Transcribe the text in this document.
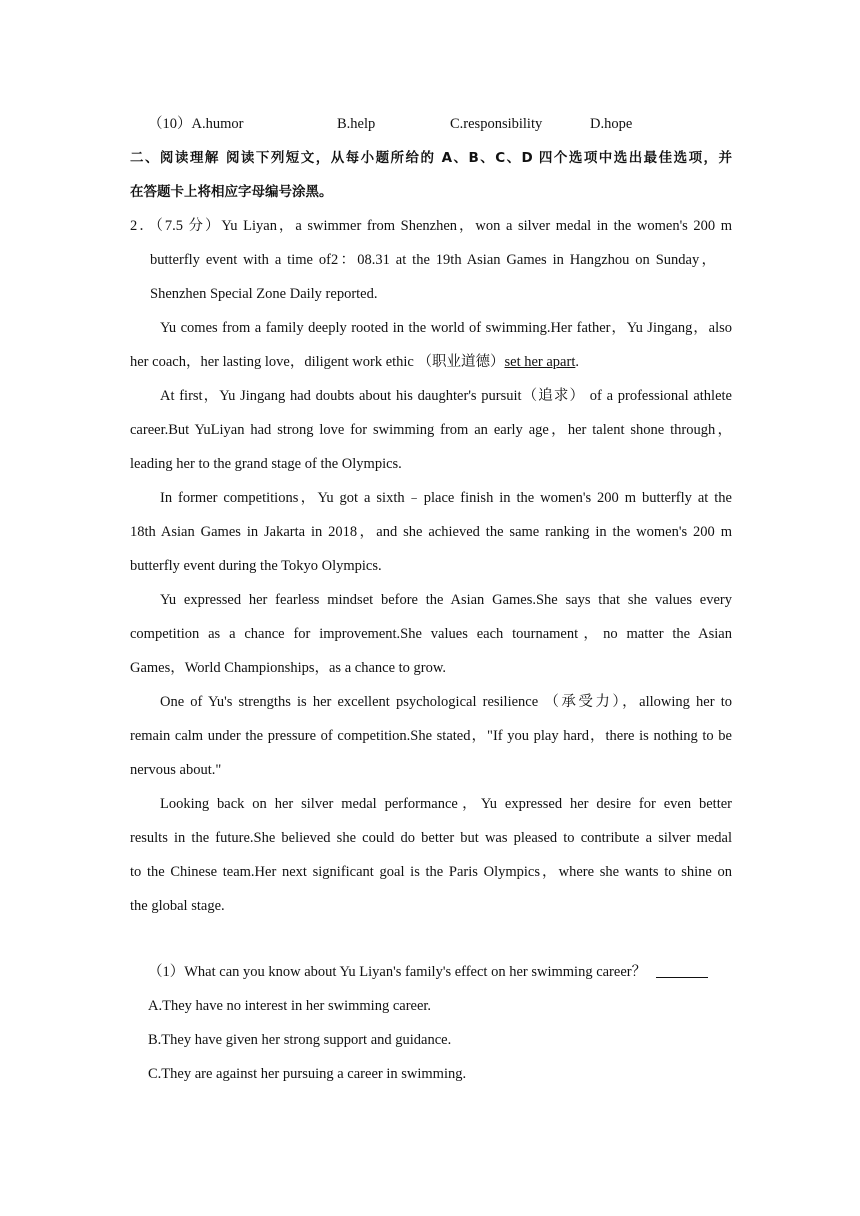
（10）A.humor	B.help	C.responsibility	D.hope
二、阅读理解 阅读下列短文，从每小题所给的 A、B、C、D 四个选项中选出最佳选项，并
在答题卡上将相应字母编号涂黑。
2．（7.5 分）Yu Liyan，a swimmer from Shenzhen，won a silver medal in the women's 200 m
butterfly event with a time of2：08.31 at the 19th Asian Games in Hangzhou on Sunday，
Shenzhen Special Zone Daily reported.
Yu comes from a family deeply rooted in the world of swimming.Her father，Yu Jingang，also
her coach，her lasting love，diligent work ethic （职业道德）set her apart.
At first，Yu Jingang had doubts about his daughter's pursuit（追求） of a professional athlete
career.But YuLiyan had strong love for swimming from an early age，her talent shone through，
leading her to the grand stage of the Olympics.
In former competitions，Yu got a sixth﹣place finish in the women's 200 m butterfly at the
18th Asian Games in Jakarta in 2018，and she achieved the same ranking in the women's 200 m
butterfly event during the Tokyo Olympics.
Yu expressed her fearless mindset before the Asian Games.She says that she values every
competition as a chance for improvement.She values each tournament，no matter the Asian
Games，World Championships，as a chance to grow.
One of Yu's strengths is her excellent psychological resilience （承受力），allowing her to
remain calm under the pressure of competition.She stated，"If you play hard，there is nothing to be
nervous about."
Looking back on her silver medal performance，Yu expressed her desire for even better
results in the future.She believed she could do better but was pleased to contribute a silver medal
to the Chinese team.Her next significant goal is the Paris Olympics，where she wants to shine on
the global stage.
（1）What can you know about Yu Liyan's family's effect on her swimming career？
A.They have no interest in her swimming career.
B.They have given her strong support and guidance.
C.They are against her pursuing a career in swimming.
